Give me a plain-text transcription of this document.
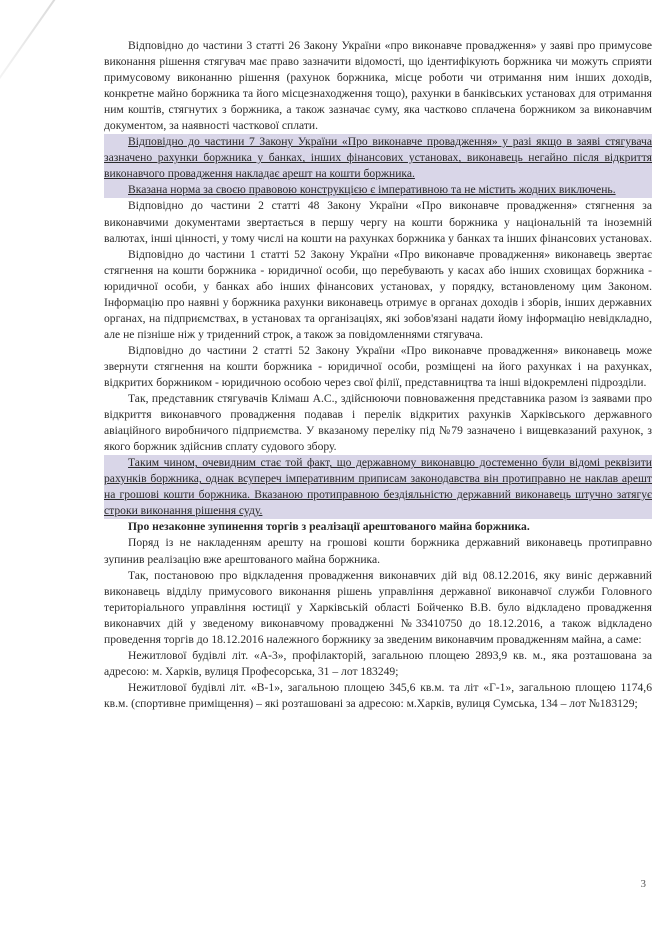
Відповідно до частини 3 статті 26 Закону України «про виконавче провадження» у заяві про примусове виконання рішення стягувач має право зазначити відомості, що ідентифікують боржника чи можуть сприяти примусовому виконанню рішення (рахунок боржника, місце роботи чи отримання ним інших доходів, конкретне майно боржника та його місцезнаходження тощо), рахунки в банківських установах для отримання ним коштів, стягнутих з боржника, а також зазначає суму, яка частково сплачена боржником за виконавчим документом, за наявності часткової сплати.

Відповідно до частини 7 Закону України «Про виконавче провадження» у разі якщо в заяві стягувача зазначено рахунки боржника у банках, інших фінансових установах, виконавець негайно після відкриття виконавчого провадження накладає арешт на кошти боржника.

Вказана норма за своєю правовою конструкцією є імперативною та не містить жодних виключень.

Відповідно до частини 2 статті 48 Закону України «Про виконавче провадження» стягнення за виконавчими документами звертається в першу чергу на кошти боржника у національній та іноземній валютах, інші цінності, у тому числі на кошти на рахунках боржника у банках та інших фінансових установах.

Відповідно до частини 1 статті 52 Закону України «Про виконавче провадження» виконавець звертає стягнення на кошти боржника - юридичної особи, що перебувають у касах або інших сховищах боржника - юридичної особи, у банках або інших фінансових установах, у порядку, встановленому цим Законом. Інформацію про наявні у боржника рахунки виконавець отримує в органах доходів і зборів, інших державних органах, на підприємствах, в установах та організаціях, які зобов'язані надати йому інформацію невідкладно, але не пізніше ніж у триденний строк, а також за повідомленнями стягувача.

Відповідно до частини 2 статті 52 Закону України «Про виконавче провадження» виконавець може звернути стягнення на кошти боржника - юридичної особи, розміщені на його рахунках і на рахунках, відкритих боржником - юридичною особою через свої філії, представництва та інші відокремлені підрозділи.

Так, представник стягувачів Клімаш А.С., здійснюючи повноваження представника разом із заявами про відкриття виконавчого провадження подавав і перелік відкритих рахунків Харківського державного авіаційного виробничого підприємства. У вказаному переліку під №79 зазначено і вищевказаний рахунок, з якого боржник здійснив сплату судового збору.

Таким чином, очевидним стає той факт, що державному виконавцю достеменно були відомі реквізити рахунків боржника, однак всупереч імперативним приписам законодавства він протиправно не наклав арешт на грошові кошти боржника. Вказаною протиправною бездіяльністю державний виконавець штучно затягує строки виконання рішення суду.

Про незаконне зупинення торгів з реалізації арештованого майна боржника.

Поряд із не накладенням арешту на грошові кошти боржника державний виконавець протиправно зупинив реалізацію вже арештованого майна боржника.

Так, постановою про відкладення провадження виконавчих дій від 08.12.2016, яку виніс державний виконавець відділу примусового виконання рішень управління державної виконавчої служби Головного територіального управління юстиції у Харківській області Бойченко В.В. було відкладено провадження виконавчих дій у зведеному виконавчому провадженні №33410750 до 18.12.2016, а також відкладено проведення торгів до 18.12.2016 належного боржнику за зведеним виконавчим провадженням майна, а саме:

Нежитлової будівлі літ. «А-3», профілакторій, загальною площею 2893,9 кв. м., яка розташована за адресою: м. Харків, вулиця Професорська, 31 – лот 183249;

Нежитлової будівлі літ. «В-1», загальною площею 345,6 кв.м. та літ «Г-1», загальною площею 1174,6 кв.м. (спортивне приміщення) – які розташовані за адресою: м.Харків, вулиця Сумська, 134 – лот №183129;

3
